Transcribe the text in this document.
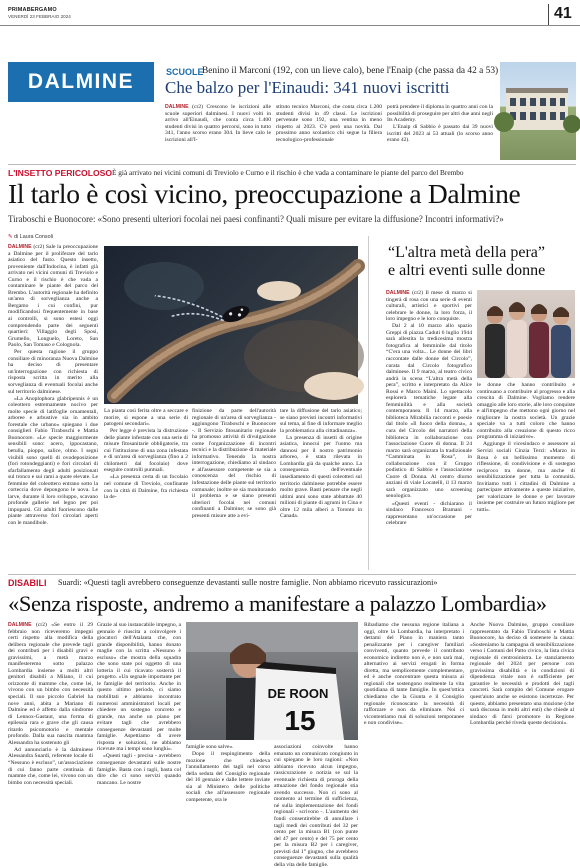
PRIMABERGAMO
VENERDÌ 23 FEBBRAIO 2024	41
DALMINE	SCUOLE
Benino il Marconi (192, con un lieve calo), bene l'Enaip (che passa da 42 a 53)
Che balzo per l'Einaudi: 341 nuovi iscritti

DALMINE (cr2) Crescono le iscrizioni alle scuole superiori dalminesi. I nuovi volti in arrivo all'Einaudi, che conta circa 1.400 studenti divisi in quattro percorsi, sono in tutto 341, l'anno scorso erano 304. In lieve calo le iscrizioni all'I-

stituto tecnico Marconi, che conta circa 1.200 studenti divisi in 49 classi. Le iscrizioni pervenute sono 192, una ventina in meno rispetto al 2023. C'è però una novità. Dal prossimo anno scolastico chi segue la filiera tecnologico-professionale

potrà prendere il diploma in quattro anni con la possibilità di proseguire per altri due anni negli Its Academy.

L'Enaip di Sabbio è passato dai 39 nuovi iscritti del 2023 ai 53 attuali (lo scorso anno erano 42).

L'INSETTO PERICOLOSO È già arrivato nei vicini comuni di Treviolo e Curno e il rischio è che vada a contaminare le piante del parco del Brembo
Il tarlo è così vicino, preoccupazione a Dalmine
Tiraboschi e Buonocore: «Sono presenti ulteriori focolai nei paesi confinanti? Quali misure per evitare la diffusione? Incontri informativi?»
✎ di Laura Consoli

DALMINE (cr2) Sale la preoccupazione a Dalmine per il proliferare del tarlo asiatico del fusto. Questo insetto, proveniente dall'Indocina, è infatti già arrivato nei vicini comuni di Treviolo e Curno e il rischio è che vada a contaminare le piante del parco del Brembo. L'autorità regionale ha definito un'area di sorveglianza anche a Bergamo i cui confini, pur modificandosi frequentemente in base ai controlli, si sono estesi oggi comprendendo parte dei seguenti quartieri: Villaggio degli Sposi, Grumello, Longuelo, Loreto, San Paolo, San Tomaso e Colognola.

Per questa ragione il gruppo consiliare di minoranza Nuova Dalmine ha deciso di presentare un'interrogazione con richiesta di risposta scritta in merito alla sorveglianza di eventuali focolai anche sul territorio dalminese.

«La Anoplophora glabripennis è un coleottero estremamente nocivo per molte specie di latifoglie ornamentali, arboree e arbustive sia in ambito forestale che urbano» spiegano i due consiglieri Fabio Tiraboschi e Mattia Buonocore. «Le specie maggiormente sensibili sono: acero, ippocastano, betulla, pioppo, salice, olmo. I segni visibili sono quelli di ovodeposizione (fori rotondeggianti) e fori circolari di sfarfallamento degli adulti posizionati sul tronco e sui rami a quote elevate. Le femmine del coleottero entrano sotto la corteccia dove depongono le uova. Le larve, durante il loro sviluppo, scavano profonde gallerie nel legno per poi impuparsi. Gli adulti fuoriescono dalle piante attraverso fori circolari aperti con le mandibole.

La pianta così ferita oltre a seccare e morire, si espone a una serie di patogeni secondari».

Per legge è prevista la distruzione delle piante infestate con una serie di misure fitosanitarie obbligatorie, tra cui l'istituzione di una zona infestata e di un'area di sorveglianza (fino a 2 chilometri dal focolaio) dove eseguire controlli puntuali.

«La presenza certa di un focolaio nel comune di Treviolo, confinante con la città di Dalmine, fra richiesta la de-

finizione da parte dell'autorità regionale di un'area di sorveglianza - aggiungono Tiraboschi e Buonocore -. Il Servizio fitosanitario regionale ha promosso attività di divulgazione come l'organizzazione di incontri tecnici e la distribuzione di materiale informativo. Tenendo la nostra interrogazione, chiediamo al sindaco e all'assessore competente se sia a conoscenza del rischio di infestazione delle piante sul territorio comunale; inoltre se sia monitorando il problema e se siano presenti ulteriori focolai nei comuni confinanti a Dalmine; se sono già presenti misure atte a evi-

tare la diffusione del tarlo asiatico; se siano previsti incontri informativi sul tema, al fine di informare meglio la problematica alla cittadinanza».

La presenza di insetti di origine asiatica, innocui per l'uomo ma dannosi per il nostro patrimonio arboreo, è stata rilevata in Lombardia già da qualche anno. La conseguenza dell'eventuale insediamento di questi coleotteri sul territorio dalminese potrebbe essere molto grave. Basti pensare che negli ultimi anni sono state abbattute 40 milioni di piante di agrumi in Cina e oltre 12 mila alberi a Toronto in Canada.

“L'altra metà della pera”
e altri eventi sulle donne

DALMINE (cr2) Il mese di marzo si tingerà di rosa con una serie di eventi culturali, artistici e sportivi per celebrare le donne, la loro forza, il loro impegno e le loro conquiste.

Dal 2 al 10 marzo allo spazio Greppi di piazza Caduti 6 luglio 1944 sarà allestita la tredicesima mostra fotografica al femminile dal titolo “C'era una volta... Le donne dei libri raccontate dalle donne del Circolo”, curata dal Circolo fotografico dalminese. Il 9 marzo, al teatro civico andrà in scena “L'altra metà della pera”, scritto e interpretato da Alice Rossi e Marco Mainì. Lo spettacolo esplorerà tematiche legate alla femminilità e alla società contemporanea. Il 14 marzo, alla biblioteca Mirabilia racconti e poesie dal titolo «Il fuoco della donna», a cura del Circolo dei narratori della biblioteca in collaborazione con l'associazione Cuore di donna. Il 24 marzo sarà organizzata la tradizionale “Camminata in Rosa”, in collaborazione con il Gruppo podistico di Sabbio e l'associazione Cuore di Donna. Al centro diurno anziani di viale Locatelli, il 13 marzo sarà organizzato uno screening senologico.

«Questi eventi - dichiarano il sindaco Francesco Bramani - rappresentano un'occasione per celebrare

le donne che hanno contribuito e continuano a contribuire al progresso e alla crescita di Dalmine. Vogliamo rendere omaggio alle loro storie, alle loro conquiste e all'impegno che mettono ogni giorno nel migliorare la nostra società. Un grazie speciale va a tutti coloro che hanno contribuito alla creazione di questo ricco programma di iniziative».

Aggiunge il vicesindaco e assessore ai Servizi sociali Cinzia Terzi: «Marzo in Rosa è un bellissimo momento di riflessione, di condivisione e di sostegno reciproco tra donne, ma anche di sensibilizzazione per tutta la comunità. Invitiamo tutti i cittadini di Dalmine a partecipare attivamente a queste iniziative, per valorizzare le donne e per lavorare insieme per costruire un futuro migliore per tutti».

DISABILI Suardi: «Questi tagli avrebbero conseguenze devastanti sulle nostre famiglie. Non abbiamo ricevuto rassicurazioni»
«Senza risposte, andremo a manifestare a palazzo Lombardia»

DALMINE (cr2) «Se entro il 29 febbraio non riceveremo impegni certi rispetto alla modifica della delibera regionale che prevede tagli dei contributi per i disabili gravi e gravissimi, a metà marzo manifesteremo sotto palazzo Lombardia insieme a molti altri genitori disabili a Milano, il cui orizzonte di mamme che, come lei, vivono con un bimbo con necessità speciali. Il suo piccolo Gabriel ha nove anni, abita a Mariano di Dalmine ed è affetto dalla sindrome di Lennox-Gastaut, una forma di epilessia rara e grave che gli causa ritardo psicomotorio e mentale profondo. Dalla sua nascita mamma Alessandra ha sostenuto gli

Ad annunciarlo è la dalminese Alessandra Suardi, referente locale di “Nessuno è escluso”, un'associazione di cui fanno parte centinaia di mamme che, come lei, vivono con un bimbo con necessità speciali.

Grazie al suo instancabile impegno, a gennaio è riuscita a coinvolgere i giocatori dell'Atalanta che, con grande disponibilità, hanno donato maglie con la scritta «Nessuno è escluso» che mostra della squadra che sono state poi oggetto di una lotteria il cui ricavato sosterrà il progetto. «Un segnale importante per le famiglie del territorio. Anche in questo ultimo periodo, ci siamo mobilitati e abbiamo incontrato numerosi amministratori locali per chiedere un sostegno concreto e grande, ma anche un piano per evitare tagli che avrebbero conseguenze devastanti per molte famiglie. Aspettiamo di avere risposta e soluzioni, ne abbiamo ricevute ma i tempi sono lunghi».

«Questi tagli - precisa - avrebbero conseguenze devastanti sulle nostre famiglie. Basta con i tagli, basta col dire che ci sono servizi quando mancano. Le nostre

DE ROON
15

famiglie sono salve».

Dopo il respingimento della mozione che chiedeva l'annullamento dei tagli nel corso della seduta del Consiglio regionale del 16 gennaio e dalle lettere inviate sia al Ministero delle politiche sociali che all'assessore regionale competente, ora le

associazioni coinvolte hanno emanato un comunicato congiunto in cui spiegano le loro ragioni: «Non abbiamo ricevuto alcun impegno, rassicurazione o notizia se sul la eventuale richiesta di proroga della attuazione del fondo regionale stia avendo successo. Non ci sono al momento al termine di sufficienza, né sulla implementazione dei fondi regionali - scrivono -. L'aumento dei fondi consentirebbe di annullare i tagli medi dei contributi del 32 per cento per la misura B1 (con punte del 47 per cento) e del 75 per cento per la misura B2 per i caregiver, previsti dal 1° giugno, che avrebbero conseguenze devastanti sulla qualità della vita delle famiglie.

Ribadiamo che nessuna regione italiana a oggi, oltre la Lombardia, ha interpretato i dettami del Piano in maniera tanto penalizzante per i caregiver familiari conviventi, quanto prevede il contributo economico indiretto non è, e non sarà mai, alternativo ai servizi erogati in forma diretta, ma semplicemente complementare, ed è anche concentrare questa misura ai regionali che sostengono realmente la vita quotidiana di tante famiglie. In quest'ottica chiediamo che la Giunta e il Consiglio regionale riconoscano la necessità di rafforzare e non da eliminare. Noi ci vicontentiamo mai di soluzioni temporanee e non condivise».

Anche Nuova Dalmine, gruppo consiliare rappresentato da Fabio Tiraboschi e Mattia Buonocore, ha deciso di sostenere la causa: «Sosteniamo la campagna di sensibilizzazione verso i Comuni del Patto civico, la lista civica regionale di centrosinistra. Le stanziamento regionale del 2024 per persone con gravissima disabilità e in condizioni di dipendenza vitale non è sufficiente per garantire le necessità e prodotti dei tagli concreti. Sarà compito del Comune erogare quest'aiuto anche se esistono incertezze. Per questo, abbiamo presentato una mozione (che sarà discussa in molti altri enti) che chiede al sindaco di farsi promotore in Regione Lombardia perché riveda queste decisioni».
